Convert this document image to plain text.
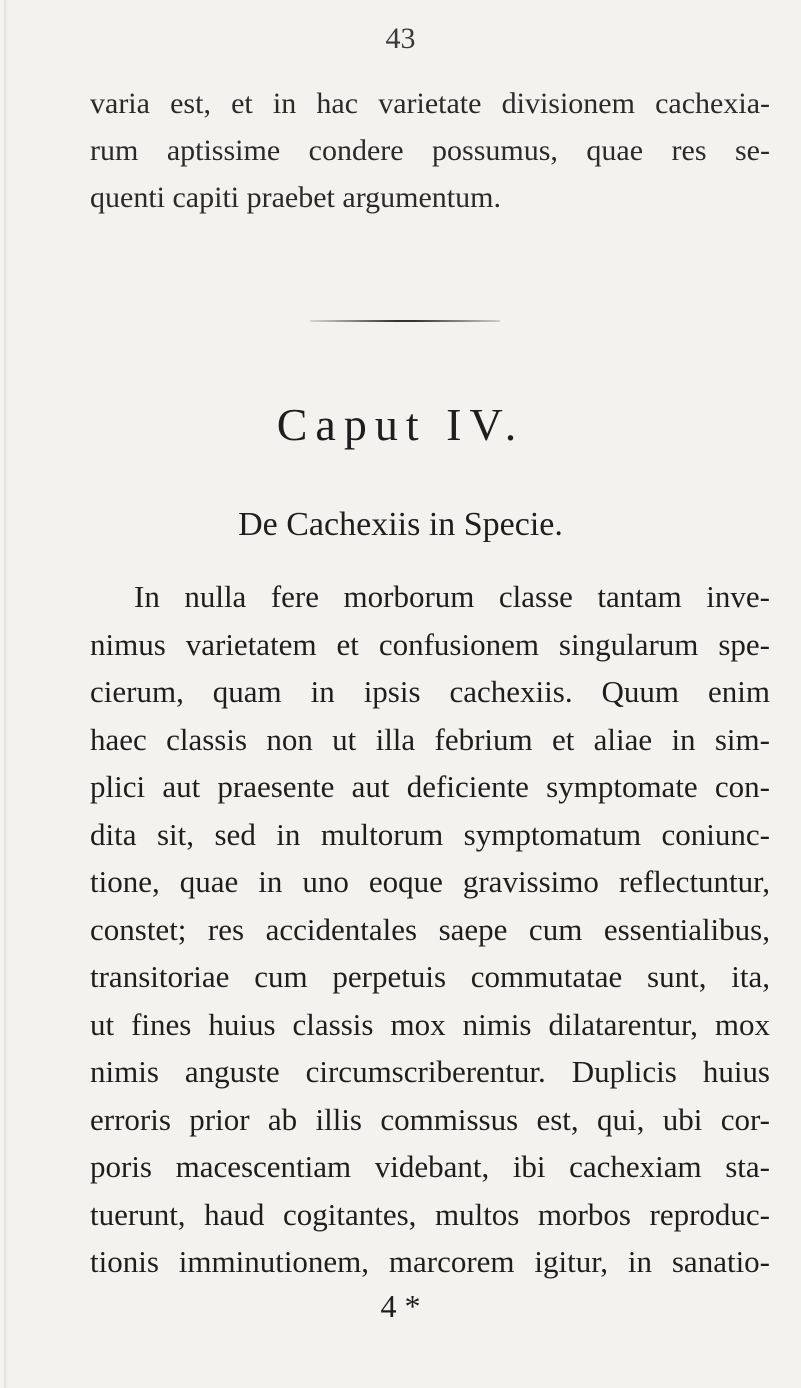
43
varia est, et in hac varietate divisionem cachexia-
rum aptissime condere possumus, quae res se-
quenti capiti praebet argumentum.
Caput IV.
De Cachexiis in Specie.
In nulla fere morborum classe tantam inve-
nimus varietatem et confusionem singularum spe-
cierum, quam in ipsis cachexiis. Quum enim
haec classis non ut illa febrium et aliae in sim-
plici aut praesente aut deficiente symptomate con-
dita sit, sed in multorum symptomatum coniunc-
tione, quae in uno eoque gravissimo reflectuntur,
constet; res accidentales saepe cum essentialibus,
transitoriae cum perpetuis commutatae sunt, ita,
ut fines huius classis mox nimis dilatarentur, mox
nimis anguste circumscriberentur. Duplicis huius
erroris prior ab illis commissus est, qui, ubi cor-
poris macescentiam videbant, ibi cachexiam sta-
tuerunt, haud cogitantes, multos morbos reproduc-
tionis imminutionem, marcorem igitur, in sanatio-
4 *
